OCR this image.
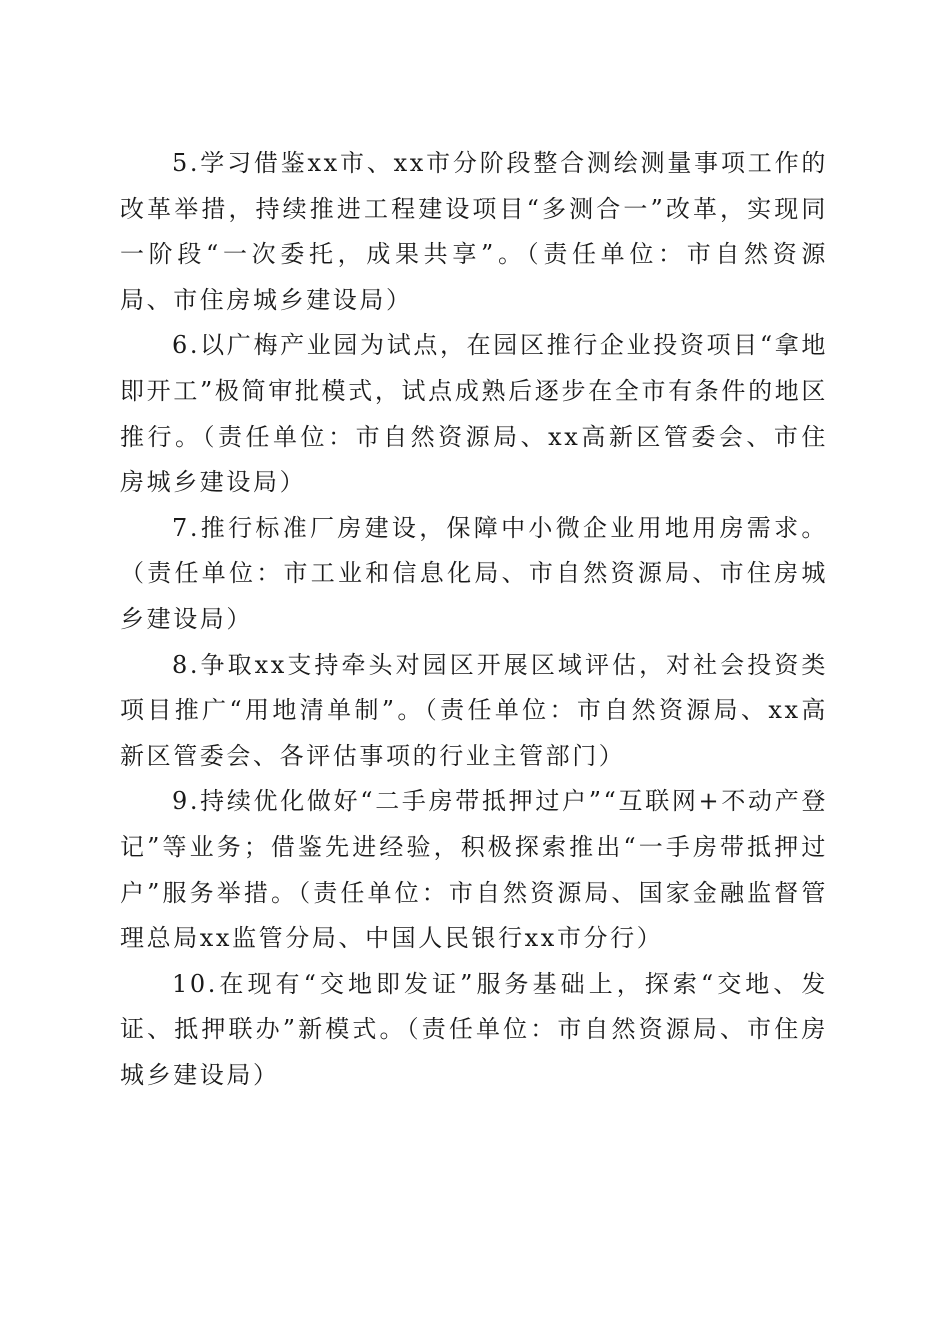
5.学习借鉴xx市、xx市分阶段整合测绘测量事项工作的改革举措，持续推进工程建设项目“多测合一”改革，实现同一阶段“一次委托，成果共享”。（责任单位：市自然资源局、市住房城乡建设局）

6.以广梅产业园为试点，在园区推行企业投资项目“拿地即开工”极简审批模式，试点成熟后逐步在全市有条件的地区推行。（责任单位：市自然资源局、xx高新区管委会、市住房城乡建设局）

7.推行标准厂房建设，保障中小微企业用地用房需求。（责任单位：市工业和信息化局、市自然资源局、市住房城乡建设局）

8.争取xx支持牵头对园区开展区域评估，对社会投资类项目推广“用地清单制”。（责任单位：市自然资源局、xx高新区管委会、各评估事项的行业主管部门）

9.持续优化做好“二手房带抵押过户”“互联网+不动产登记”等业务；借鉴先进经验，积极探索推出“一手房带抵押过户”服务举措。（责任单位：市自然资源局、国家金融监督管理总局xx监管分局、中国人民银行xx市分行）

10.在现有“交地即发证”服务基础上，探索“交地、发证、抵押联办”新模式。（责任单位：市自然资源局、市住房城乡建设局）
